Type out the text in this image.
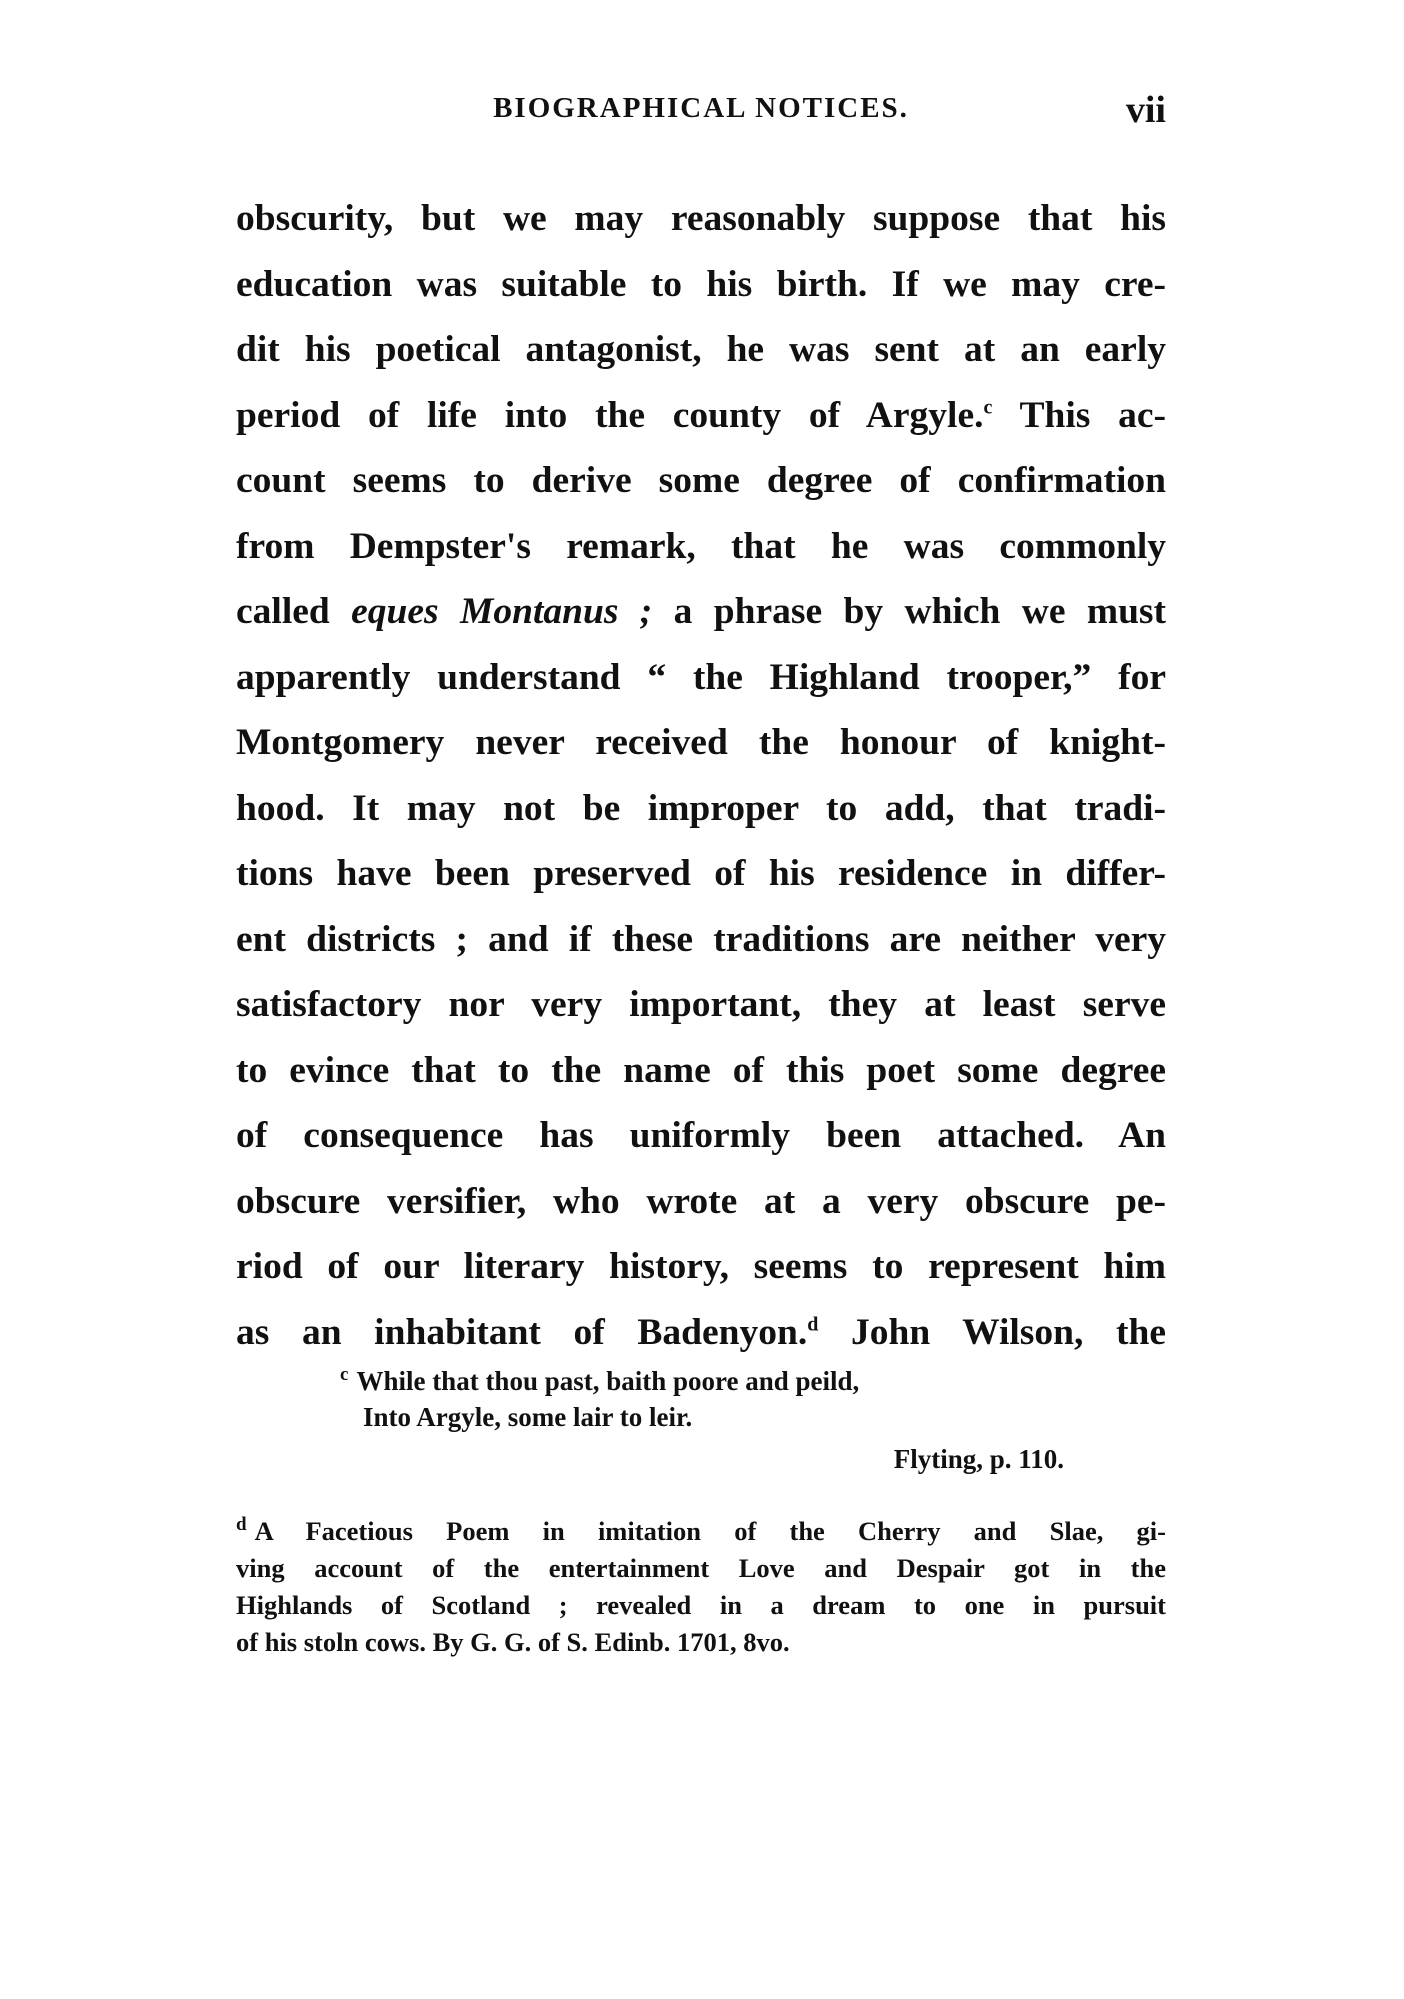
BIOGRAPHICAL NOTICES.	vii
obscurity, but we may reasonably suppose that his
education was suitable to his birth. If we may cre-
dit his poetical antagonist, he was sent at an early
period of life into the county of Argyle.$^c$ This ac-
count seems to derive some degree of confirmation
from Dempster's remark, that he was commonly
called eques Montanus ; a phrase by which we must
apparently understand “ the Highland trooper,” for
Montgomery never received the honour of knight-
hood. It may not be improper to add, that tradi-
tions have been preserved of his residence in differ-
ent districts ; and if these traditions are neither very
satisfactory nor very important, they at least serve
to evince that to the name of this poet some degree
of consequence has uniformly been attached. An
obscure versifier, who wrote at a very obscure pe-
riod of our literary history, seems to represent him
as an inhabitant of Badenyon.$^d$ John Wilson, the
$^c$ While that thou past, baith poore and peild,
Into Argyle, some lair to leir.
Flyting, p. 110.
$^d$ A Facetious Poem in imitation of the Cherry and Slae, gi-
ving account of the entertainment Love and Despair got in the
Highlands of Scotland ; revealed in a dream to one in pursuit
of his stoln cows. By G. G. of S. Edinb. 1701, 8vo.
